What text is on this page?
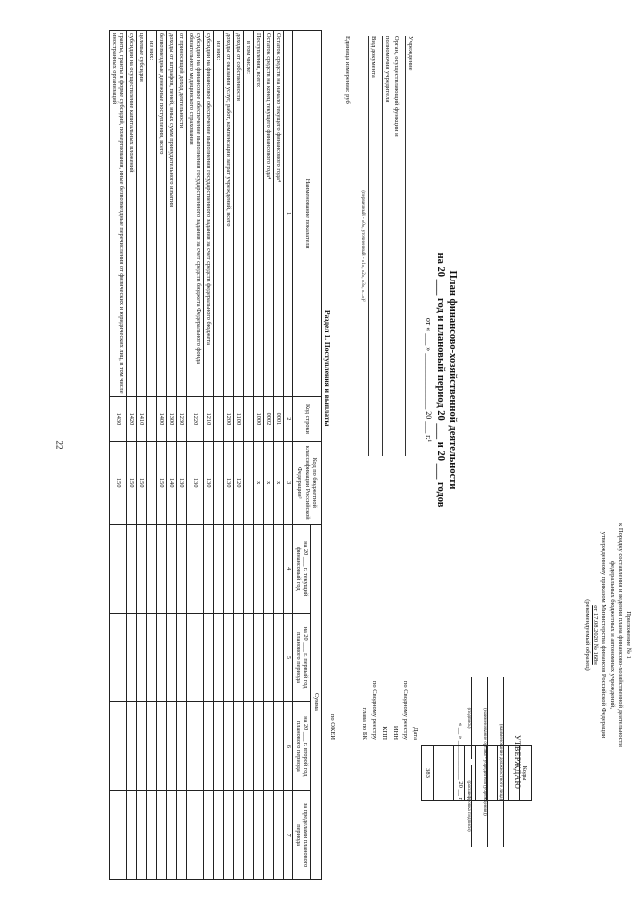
22
Приложение № 1
к Порядку составления и ведения плана финансово-хозяйственной деятельности
федеральных бюджетных и автономных учреждений,
утвержденному приказом Министерства финансов Российской Федерации
от 17.08.2020 № 168н
(рекомендуемый образец)
УТВЕРЖДАЮ
(наименование должностного лица)
(наименование органа - учредителя (учреждения))
(подпись)
(расшифровка подписи)
« __ » ____________ 20 __ г.
План финансово-хозяйственной деятельности
на 20 ___ год и плановый период 20 ___ и 20 ___ годов
от « ___ » ______________ 20 ___ г.¹
Учреждение
Орган, осуществляющий функции и полномочия учредителя
Вид документа
(первичный - «0», уточненный - «1», «2», «3», «...»)²
Единица измерения: руб
Дата
по Сводному реестру
ИНН
КПП
по Сводному реестру
глава по БК
по ОКЕИ
Коды
383
Раздел 1. Поступления и выплаты
Наименование показателя	Код строки	Код по бюджетной классификации Российской Федерации³	Сумма			
			на 20 ___ г. текущий финансовый год	на 20 ___ г. первый год планового периода	на 20 ___ г. второй год планового периода	за пределами планового периода
1	2	3	4	5	6	7
Остаток средств на начало текущего финансового года⁴	0001	x				
Остаток средств на конец текущего финансового года⁴	0002	x				
Поступления, всего:	1000	x				
в том числе:						
доходы от собственности	1100	120				
доходы от оказания услуг, работ, компенсации затрат учреждений, всего	1200	130				
из них:						
субсидии на финансовое обеспечение выполнения государственного задания за счет средств федерального бюджета	1210	130				
субсидии на финансовое обеспечение выполнения государственного задания за счет средств бюджета Федерального фонда обязательного медицинского страхования	1220	130				
от приносящей доход деятельности	1230	130				
доходы от штрафов, пеней, иных сумм принудительного изъятия	1300	140				
безвозмездные денежные поступления, всего	1400	150				
из них:						
целевые субсидии	1410	150				
субсидии на осуществление капитальных вложений	1420	150				
гранты, гранты в форме субсидий, пожертвования, иные безвозмездные перечисления от физических и юридических лиц, в том числе иностранных организаций	1430	150				
